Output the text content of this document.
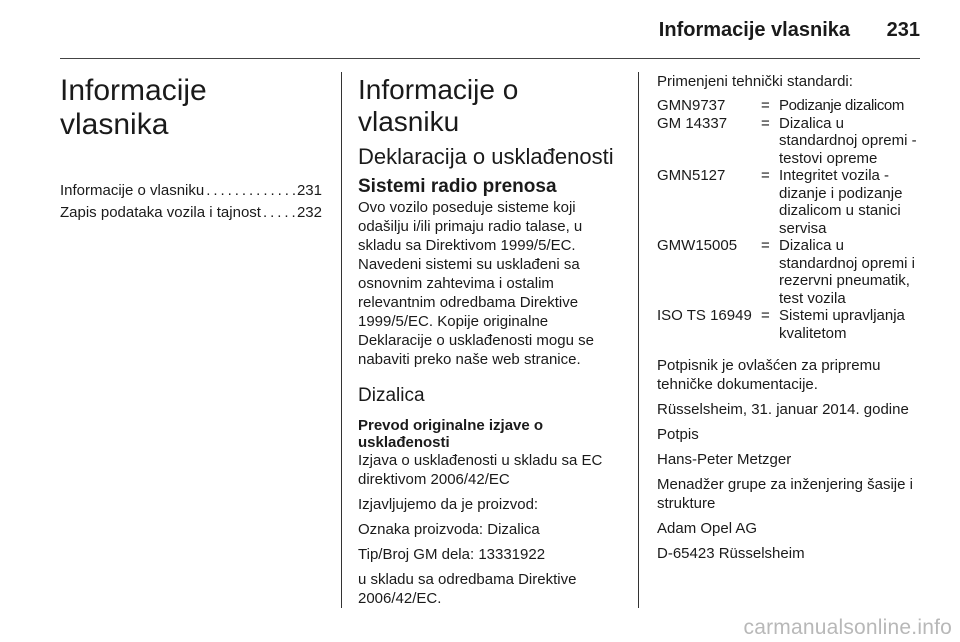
Informacije vlasnika 231
Informacije vlasnika
Informacije o vlasniku . . .	231
Zapis podataka vozila i tajnost . . . 232
Informacije o vlasniku
Deklaracija o usklađenosti
Sistemi radio prenosa

Ovo vozilo poseduje sisteme koji odašilju i/ili primaju radio talase, u skladu sa Direktivom 1999/5/EC. Navedeni sistemi su usklađeni sa osnovnim zahtevima i ostalim relevantnim odredbama Direktive 1999/5/EC. Kopije originalne Deklaracije o usklađenosti mogu se nabaviti preko naše web stranice.

Dizalica
Prevod originalne izjave o usklađenosti

Izjava o usklađenosti u skladu sa EC direktivom 2006/42/EC

Izjavljujemo da je proizvod:

Oznaka proizvoda: Dizalica

Tip/Broj GM dela: 13331922

u skladu sa odredbama Direktive 2006/42/EC.

Primenjeni tehnički standardi:

GMN9737	= Podizanje dizalicom
GM 14337	= Dizalica u standardnoj opremi - testovi opreme
GMN5127	= Integritet vozila - dizanje i podizanje dizalicom u stanici servisa
GMW15005	= Dizalica u standardnoj opremi i rezervni pneumatik, test vozila
ISO TS 16949 = Sistemi upravljanja kvalitetom

Potpisnik je ovlašćen za pripremu tehničke dokumentacije.

Rüsselsheim, 31. januar 2014. godine

Potpis

Hans-Peter Metzger

Menadžer grupe za inženjering šasije i strukture

Adam Opel AG

D-65423 Rüsselsheim

carmanualsonline.info
